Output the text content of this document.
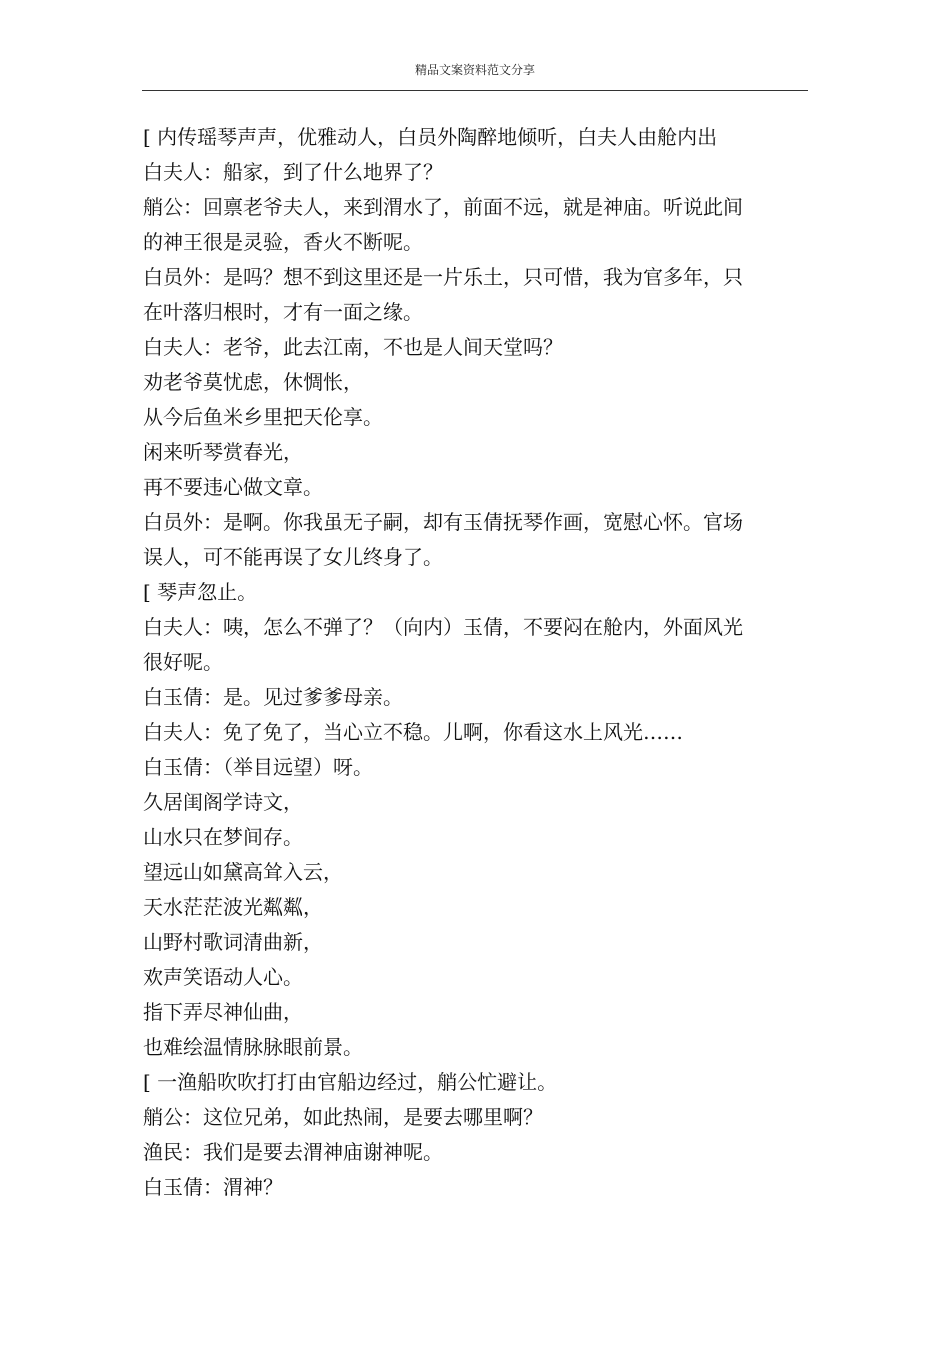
精品文案资料范文分享
[ 内传瑶琴声声，优雅动人，白员外陶醉地倾听，白夫人由舱内出
白夫人：船家，到了什么地界了？
艄公：回禀老爷夫人，来到渭水了，前面不远，就是神庙。听说此间
的神王很是灵验，香火不断呢。
白员外：是吗？想不到这里还是一片乐土，只可惜，我为官多年，只
在叶落归根时，才有一面之缘。
白夫人：老爷，此去江南，不也是人间天堂吗？
劝老爷莫忧虑，休惆怅，
从今后鱼米乡里把天伦享。
闲来听琴赏春光，
再不要违心做文章。
白员外：是啊。你我虽无子嗣，却有玉倩抚琴作画，宽慰心怀。官场
误人，可不能再误了女儿终身了。
[ 琴声忽止。
白夫人：咦，怎么不弹了？（向内）玉倩，不要闷在舱内，外面风光
很好呢。
白玉倩：是。见过爹爹母亲。
白夫人：免了免了，当心立不稳。儿啊，你看这水上风光……
白玉倩：（举目远望）呀。
久居闺阁学诗文，
山水只在梦间存。
望远山如黛高耸入云，
天水茫茫波光粼粼，
山野村歌词清曲新，
欢声笑语动人心。
指下弄尽神仙曲，
也难绘温情脉脉眼前景。
[ 一渔船吹吹打打由官船边经过，艄公忙避让。
艄公：这位兄弟，如此热闹，是要去哪里啊？
渔民：我们是要去渭神庙谢神呢。
白玉倩：渭神？
